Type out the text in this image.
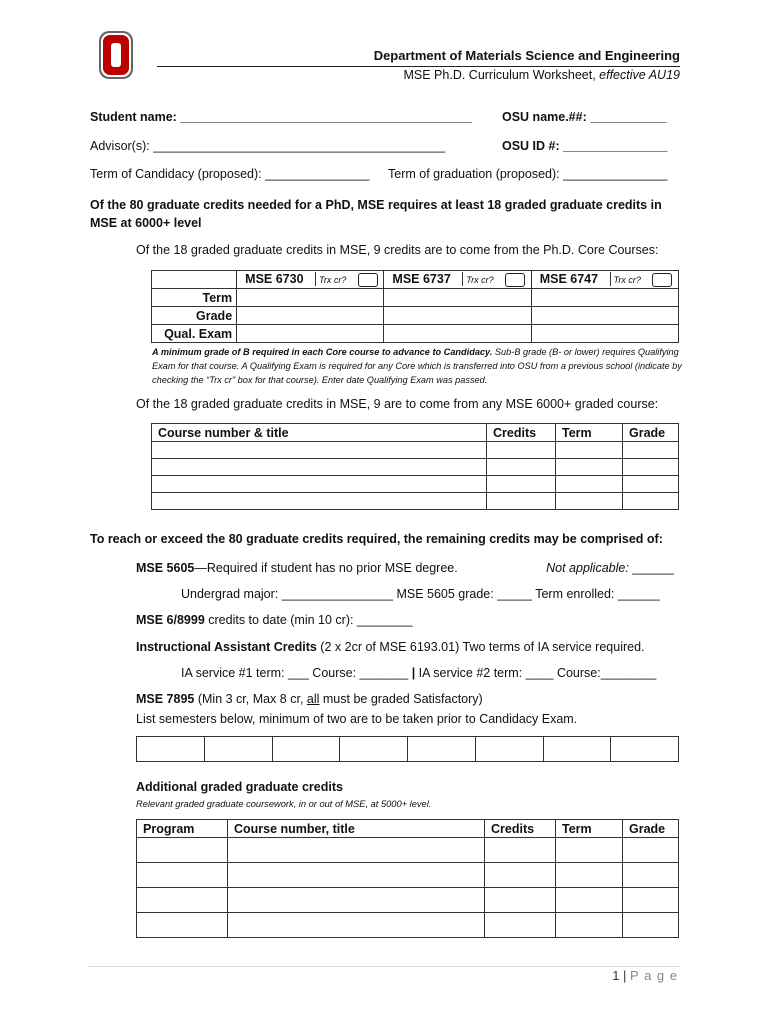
Department of Materials Science and Engineering
MSE Ph.D. Curriculum Worksheet, effective AU19
Student name: __________________________________________ OSU name.##: ___________
Advisor(s): __________________________________________	OSU ID #: _______________
Term of Candidacy (proposed): _______________ Term of graduation (proposed): _______________
Of the 80 graduate credits needed for a PhD, MSE requires at least 18 graded graduate credits in MSE at 6000+ level
Of the 18 graded graduate credits in MSE, 9 credits are to come from the Ph.D. Core Courses:
	MSE 6730 Trx cr?	MSE 6737 Trx cr?	MSE 6747 Trx cr?
Term			
Grade			
Qual. Exam			
A minimum grade of B required in each Core course to advance to Candidacy. Sub-B grade (B- or lower) requires Qualifying Exam for that course. A Qualifying Exam is required for any Core which is transferred into OSU from a previous school (indicate by checking the “Trx cr” box for that course). Enter date Qualifying Exam was passed.
Of the 18 graded graduate credits in MSE, 9 are to come from any MSE 6000+ graded course:
Course number & title	Credits	Term	Grade

To reach or exceed the 80 graduate credits required, the remaining credits may be comprised of:
MSE 5605—Required if student has no prior MSE degree.	Not applicable: ______
Undergrad major: ________________ MSE 5605 grade: _____ Term enrolled: ______
MSE 6/8999 credits to date (min 10 cr): ________
Instructional Assistant Credits (2 x 2cr of MSE 6193.01) Two terms of IA service required.
IA service #1 term: ___ Course: _______ | IA service #2 term: ____ Course:________
MSE 7895 (Min 3 cr, Max 8 cr, all must be graded Satisfactory)
List semesters below, minimum of two are to be taken prior to Candidacy Exam.

Additional graded graduate credits
Relevant graded graduate coursework, in or out of MSE, at 5000+ level.
Program	Course number, title	Credits	Term	Grade

1 | P a g e
